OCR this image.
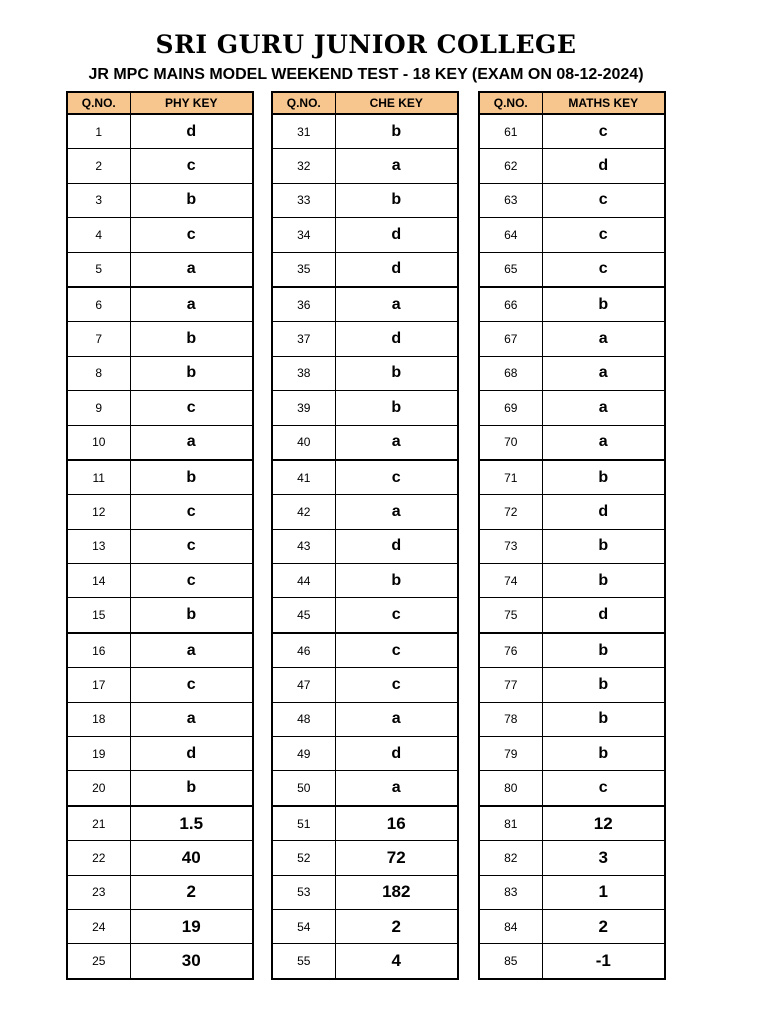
SRI GURU JUNIOR COLLEGE
JR MPC MAINS MODEL WEEKEND TEST - 18 KEY (EXAM ON 08-12-2024)
Q.NO.	PHY KEY
1	d
2	c
3	b
4	c
5	a
6	a
7	b
8	b
9	c
10	a
11	b
12	c
13	c
14	c
15	b
16	a
17	c
18	a
19	d
20	b
21	1.5
22	40
23	2
24	19
25	30
Q.NO.	CHE KEY
31	b
32	a
33	b
34	d
35	d
36	a
37	d
38	b
39	b
40	a
41	c
42	a
43	d
44	b
45	c
46	c
47	c
48	a
49	d
50	a
51	16
52	72
53	182
54	2
55	4
Q.NO.	MATHS KEY
61	c
62	d
63	c
64	c
65	c
66	b
67	a
68	a
69	a
70	a
71	b
72	d
73	b
74	b
75	d
76	b
77	b
78	b
79	b
80	c
81	12
82	3
83	1
84	2
85	-1
